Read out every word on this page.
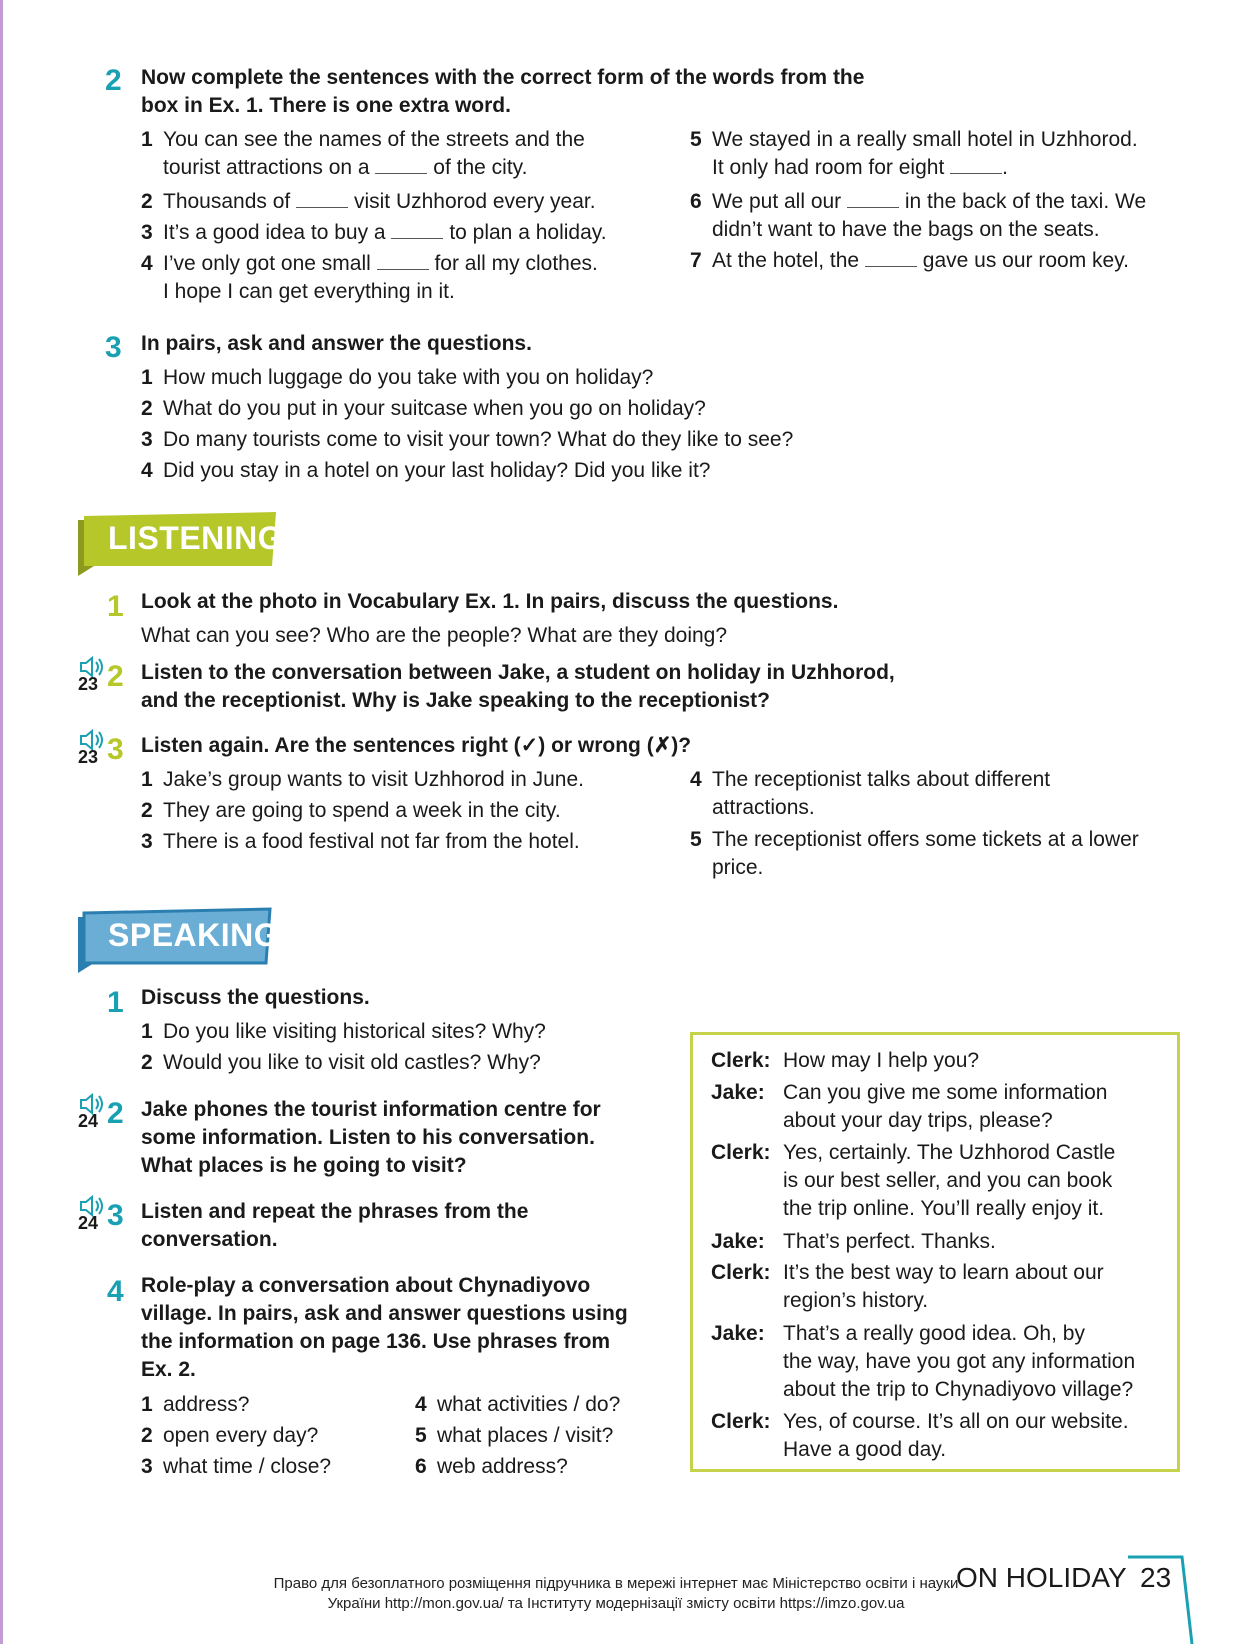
2 Now complete the sentences with the correct form of the words from the
box in Ex. 1. There is one extra word.
1 You can see the names of the streets and the
tourist attractions on a	of the city.
2 Thousands of	visit Uzhhorod every year.
3 It’s a good idea to buy a	to plan a holiday.
4 I’ve only got one small	for all my clothes.
I hope I can get everything in it.
5 We stayed in a really small hotel in Uzhhorod.
It only had room for eight	.
6 We put all our	in the back of the taxi. We
didn’t want to have the bags on the seats.
7 At the hotel, the	gave us our room key.
3 In pairs, ask and answer the questions.
1 How much luggage do you take with you on holiday?
2 What do you put in your suitcase when you go on holiday?
3 Do many tourists come to visit your town? What do they like to see?
4 Did you stay in a hotel on your last holiday? Did you like it?
LISTENING
1 Look at the photo in Vocabulary Ex. 1. In pairs, discuss the questions.
What can you see? Who are the people? What are they doing?
23 2 Listen to the conversation between Jake, a student on holiday in Uzhhorod,
and the receptionist. Why is Jake speaking to the receptionist?
23 3 Listen again. Are the sentences right (✓) or wrong (✗)?
1 Jake’s group wants to visit Uzhhorod in June.
2 They are going to spend a week in the city.
3 There is a food festival not far from the hotel.
4 The receptionist talks about different
attractions.
5 The receptionist offers some tickets at a lower
price.
SPEAKING
1 Discuss the questions.
1 Do you like visiting historical sites? Why?
2 Would you like to visit old castles? Why?
24 2 Jake phones the tourist information centre for
some information. Listen to his conversation.
What places is he going to visit?
24 3 Listen and repeat the phrases from the
conversation.
4 Role-play a conversation about Chynadiyovo
village. In pairs, ask and answer questions using
the information on page 136. Use phrases from
Ex. 2.
1 address?
2 open every day?
3 what time / close?
4 what activities / do?
5 what places / visit?
6 web address?
Clerk: How may I help you?
Jake: Can you give me some information
about your day trips, please?
Clerk: Yes, certainly. The Uzhhorod Castle
is our best seller, and you can book
the trip online. You’ll really enjoy it.
Jake: That’s perfect. Thanks.
Clerk: It’s the best way to learn about our
region’s history.
Jake: That’s a really good idea. Oh, by
the way, have you got any information
about the trip to Chynadiyovo village?
Clerk: Yes, of course. It’s all on our website.
Have a good day.
Право для безоплатного розміщення підручника в мережі інтернет має Міністерство освіти і науки
України http://mon.gov.ua/ та Інституту модернізації змісту освіти https://imzo.gov.ua
ON HOLIDAY 23
